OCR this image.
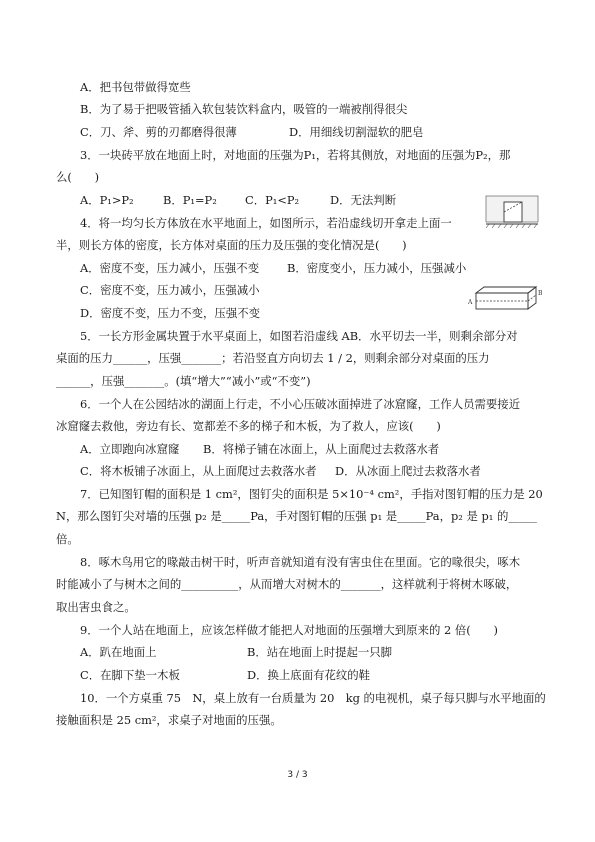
A．把书包带做得宽些
B．为了易于把吸管插入软包装饮料盒内，吸管的一端被削得很尖
C．刀、斧、剪的刃都磨得很薄	D．用细线切割湿软的肥皂
3．一块砖平放在地面上时，对地面的压强为P₁，若将其侧放，对地面的压强为P₂，那
么(　　)
A．P₁>P₂	B．P₁=P₂ C．P₁<P₂	D．无法判断
4．将一均匀长方体放在水平地面上，如图所示，若沿虚线切开拿走上面一
半，则长方体的密度，长方体对桌面的压力及压强的变化情况是(　　)
A．密度不变，压力减小，压强不变 B．密度变小，压力减小，压强减小
C．密度不变，压力减小，压强减小
D．密度不变，压力不变，压强不变
A
B
5．一长方形金属块置于水平桌面上，如图若沿虚线 AB．水平切去一半，则剩余部分对
桌面的压力______，压强_______；若沿竖直方向切去 1 / 2，则剩余部分对桌面的压力
______，压强_______。(填“增大”“减小”或“不变”)
6．一个人在公园结冰的湖面上行走，不小心压破冰面掉进了冰窟窿，工作人员需要接近
冰窟窿去救他，旁边有长、宽都差不多的梯子和木板，为了救人，应该(　　)
A．立即跑向冰窟窿 B．将梯子铺在冰面上，从上面爬过去救落水者
C．将木板铺子冰面上，从上面爬过去救落水者 D．从冰面上爬过去救落水者
7．已知图钉帽的面积是 1 cm²，图钉尖的面积是 5×10⁻⁴ cm²，手指对图钉帽的压力是 20
N，那么图钉尖对墙的压强 p₂ 是_____Pa，手对图钉帽的压强 p₁ 是_____Pa，p₂ 是 p₁ 的_____
倍。
8．啄木鸟用它的喙敲击树干时，听声音就知道有没有害虫住在里面。它的喙很尖，啄木
时能减小了与树木之间的__________，从而增大对树木的_______，这样就利于将树木啄破，
取出害虫食之。
9．一个人站在地面上，应该怎样做才能把人对地面的压强增大到原来的 2 倍(　　)
A．趴在地面上	B．站在地面上时提起一只脚
C．在脚下垫一木板	D．换上底面有花纹的鞋
10．一个方桌重 75　N，桌上放有一台质量为 20　kg 的电视机，桌子每只脚与水平地面的
接触面积是 25 cm²，求桌子对地面的压强。
3 / 3
